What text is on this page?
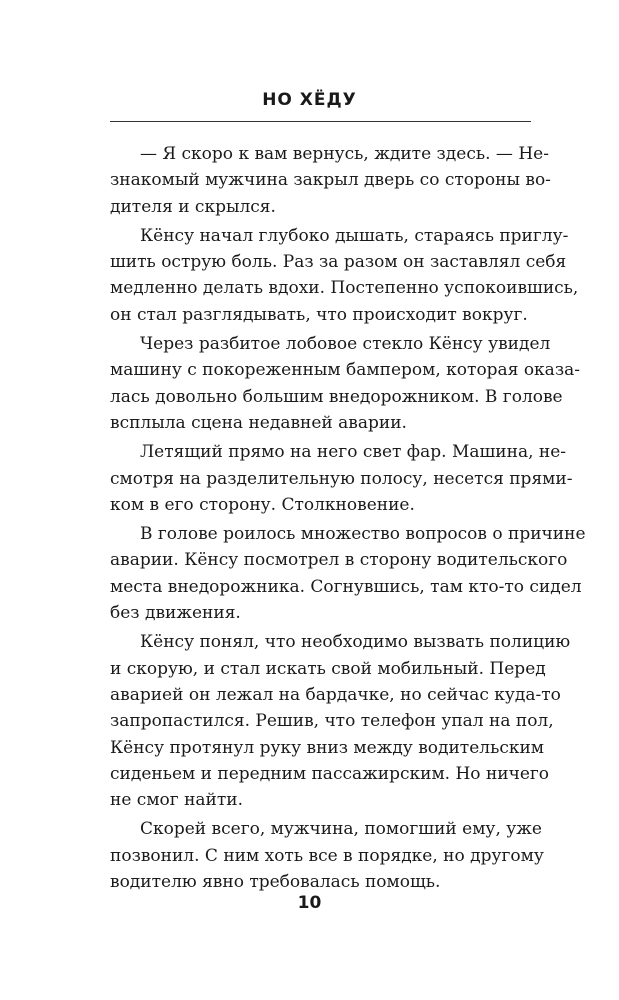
НО ХЁДУ

— Я скоро к вам вернусь, ждите здесь. — Не-
знакомый мужчина закрыл дверь со стороны во-
дителя и скрылся.

Кёнсу начал глубоко дышать, стараясь приглу-
шить острую боль. Раз за разом он заставлял себя
медленно делать вдохи. Постепенно успокоившись,
он стал разглядывать, что происходит вокруг.

Через разбитое лобовое стекло Кёнсу увидел
машину с покореженным бампером, которая оказа-
лась довольно большим внедорожником. В голове
всплыла сцена недавней аварии.

Летящий прямо на него свет фар. Машина, не-
смотря на разделительную полосу, несется прями-
ком в его сторону. Столкновение.

В голове роилось множество вопросов о причине
аварии. Кёнсу посмотрел в сторону водительского
места внедорожника. Согнувшись, там кто-то сидел
без движения.

Кёнсу понял, что необходимо вызвать полицию
и скорую, и стал искать свой мобильный. Перед
аварией он лежал на бардачке, но сейчас куда-то
запропастился. Решив, что телефон упал на пол,
Кёнсу протянул руку вниз между водительским
сиденьем и передним пассажирским. Но ничего
не смог найти.

Скорей всего, мужчина, помогший ему, уже
позвонил. С ним хоть все в порядке, но другому
водителю явно требовалась помощь.

10
